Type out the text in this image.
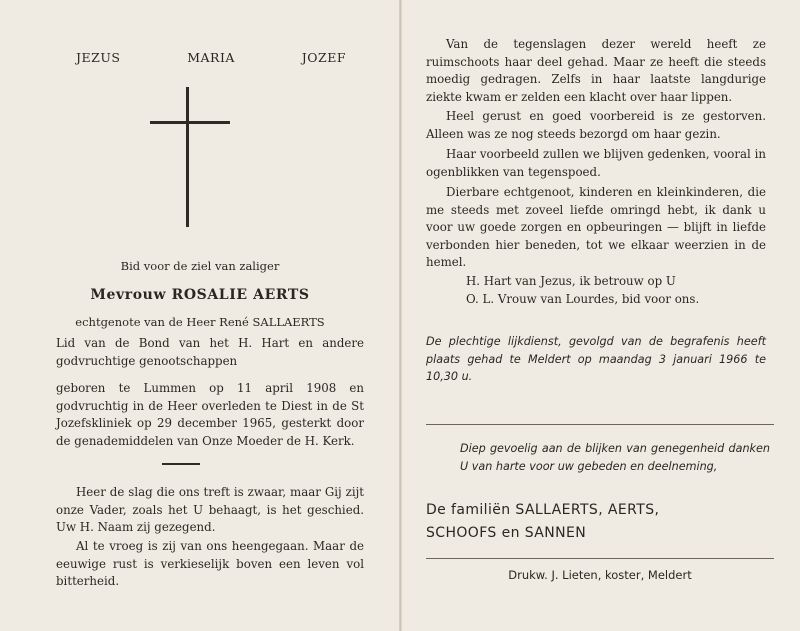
JEZUS	MARIA	JOZEF

Bid voor de ziel van zaliger

Mevrouw ROSALIE AERTS

echtgenote van de Heer René SALLAERTS

Lid van de Bond van het H. Hart en andere godvruchtige genootschappen

geboren te Lummen op 11 april 1908 en godvruchtig in de Heer overleden te Diest in de St Jozefskliniek op 29 december 1965, gesterkt door de genademiddelen van Onze Moeder de H. Kerk.

Heer de slag die ons treft is zwaar, maar Gij zijt onze Vader, zoals het U behaagt, is het geschied. Uw H. Naam zij gezegend.

Al te vroeg is zij van ons heengegaan. Maar de eeuwige rust is verkieselijk boven een leven vol bitterheid.

Van de tegenslagen dezer wereld heeft ze ruimschoots haar deel gehad. Maar ze heeft die steeds moedig gedragen. Zelfs in haar laatste langdurige ziekte kwam er zelden een klacht over haar lippen.

Heel gerust en goed voorbereid is ze gestorven. Alleen was ze nog steeds bezorgd om haar gezin.

Haar voorbeeld zullen we blijven gedenken, vooral in ogenblikken van tegenspoed.

Dierbare echtgenoot, kinderen en kleinkinderen, die me steeds met zoveel liefde omringd hebt, ik dank u voor uw goede zorgen en opbeuringen — blijft in liefde verbonden hier beneden, tot we elkaar weerzien in de hemel.

H. Hart van Jezus, ik betrouw op U

O. L. Vrouw van Lourdes, bid voor ons.

De plechtige lijkdienst, gevolgd van de begrafenis heeft plaats gehad te Meldert op maandag 3 januari 1966 te 10,30 u.

Diep gevoelig aan de blijken van genegenheid danken U van harte voor uw gebeden en deelneming,

De familiën SALLAERTS, AERTS,
SCHOOFS en SANNEN

Drukw. J. Lieten, koster, Meldert
